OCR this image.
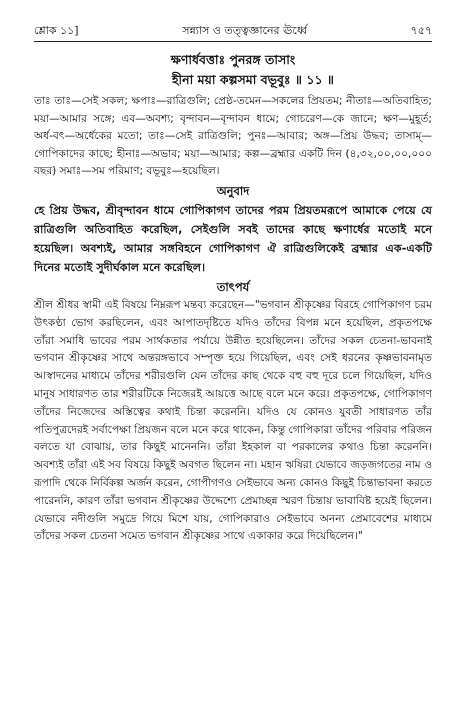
শ্লোক ১১]	সন্ন্যাস ও তত্ত্বজ্ঞানের ঊর্ধ্বে	৭৫৭
ক্ষণার্ধবত্তাঃ পুনরঙ্গ তাসাং
হীনা ময়া কল্পসমা বভূবুঃ ॥ ১১ ॥
তাঃ তাঃ—সেই সকল; ক্ষপাঃ—রাত্রিগুলি; প্রেষ্ঠ-তমেন—সকলের প্রিয়তম; নীতাঃ—অতিবাহিত; ময়া—আমার সঙ্গে; এব—অবশ্য; বৃন্দাবন—বৃন্দাবন ধামে; গোচরেণ—কে জানে; ক্ষণ—মুহূর্ত; অর্ধ-বৎ—অর্ধেকের মতো; তাঃ—সেই রাত্রিগুলি; পুনঃ—আবার; অঙ্গ—প্রিয় উদ্ধব; তাসাম্—গোপিকাদের কাছে; হীনাঃ—অভাব; ময়া—আমার; কল্প—ব্রহ্মার একটি দিন (৪,৩২,০০,০০,০০০ বছর) সমাঃ—সম পরিমাণ; বভূবুঃ—হয়েছিল।
অনুবাদ
হে প্রিয় উদ্ধব, শ্রীবৃন্দাবন ধামে গোপিকাগণ তাদের পরম প্রিয়তমরূপে আমাকে পেয়ে যে রাত্রিগুলি অতিবাহিত করেছিল, সেইগুলি সবই তাদের কাছে ক্ষণার্ধের মতোই মনে হয়েছিল। অবশ্যই, আমার সঙ্গবিহনে গোপিকাগণ ঐ রাত্রিগুলিকেই ব্রহ্মার এক-একটি দিনের মতোই সুদীর্ঘকাল মনে করেছিল।
তাৎপর্য
শ্রীল শ্রীধর স্বামী এই বিষয়ে নিম্নরূপ মন্তব্য করেছেন—"ভগবান শ্রীকৃষ্ণের বিরহে গোপিকাগণ চরম উৎকণ্ঠা ভোগ করছিলেন, এবং আপাতদৃষ্টিতে যদিও তাঁদের বিপন্ন মনে হয়েছিল, প্রকৃতপক্ষে তাঁরা সমাধি ভাবের পরম সার্থকতার পর্যায়ে উন্নীত হয়েছিলেন। তাঁদের সকল চেতনা-ভাবনাই ভগবান শ্রীকৃষ্ণের সাথে অন্তরঙ্গভাবে সম্পৃক্ত হয়ে গিয়েছিল, এবং সেই ধরনের কৃষ্ণভাবনামৃত আস্বাদনের মাধ্যমে তাঁদের শরীরগুলি যেন তাঁদের কাছ থেকে বহু বহু দূরে চলে গিয়েছিল, যদিও মানুষ সাধারণত তার শরীরটিকে নিজেরই আয়ত্তে আছে বলে মনে করে। প্রকৃতপক্ষে, গোপিকাগণ তাঁদের নিজেদের অস্তিত্বের কথাই চিন্তা করেননি। যদিও যে কোনও যুবতী সাধারণত তাঁর পতিপুত্রদেরই সর্বাপেক্ষা প্রিয়জন বলে মনে করে থাকেন, কিন্তু গোপিকারা তাঁদের পরিবার পরিজন বলতে যা বোঝায়, তার কিছুই মানেননি। তাঁরা ইহকাল বা পরকালের কথাও চিন্তা করেননি। অবশ্যই তাঁরা এই সব বিষয়ে কিছুই অবগত ছিলেন না। মহান ঋষিরা যেভাবে জড়জগতের নাম ও রূপাদি থেকে নির্বিকল্প অর্জন করেন, গোপীগণও সেইভাবে অন্য কোনও কিছুই চিন্তাভাবনা করতে পারেননি, কারণ তাঁরা ভগবান শ্রীকৃষ্ণের উদ্দেশ্যে প্রেমাচ্ছন্ন স্মরণ চিন্তায় ভাবাবিষ্ট হয়েই ছিলেন। যেভাবে নদীগুলি সমুদ্রে গিয়ে মিশে যায়, গোপিকারাও সেইভাবে অনন্য প্রেমাবেশের মাধ্যমে তাঁদের সকল চেতনা সমেত ভগবান শ্রীকৃষ্ণের সাথে একাকার করে দিয়েছিলেন।"
